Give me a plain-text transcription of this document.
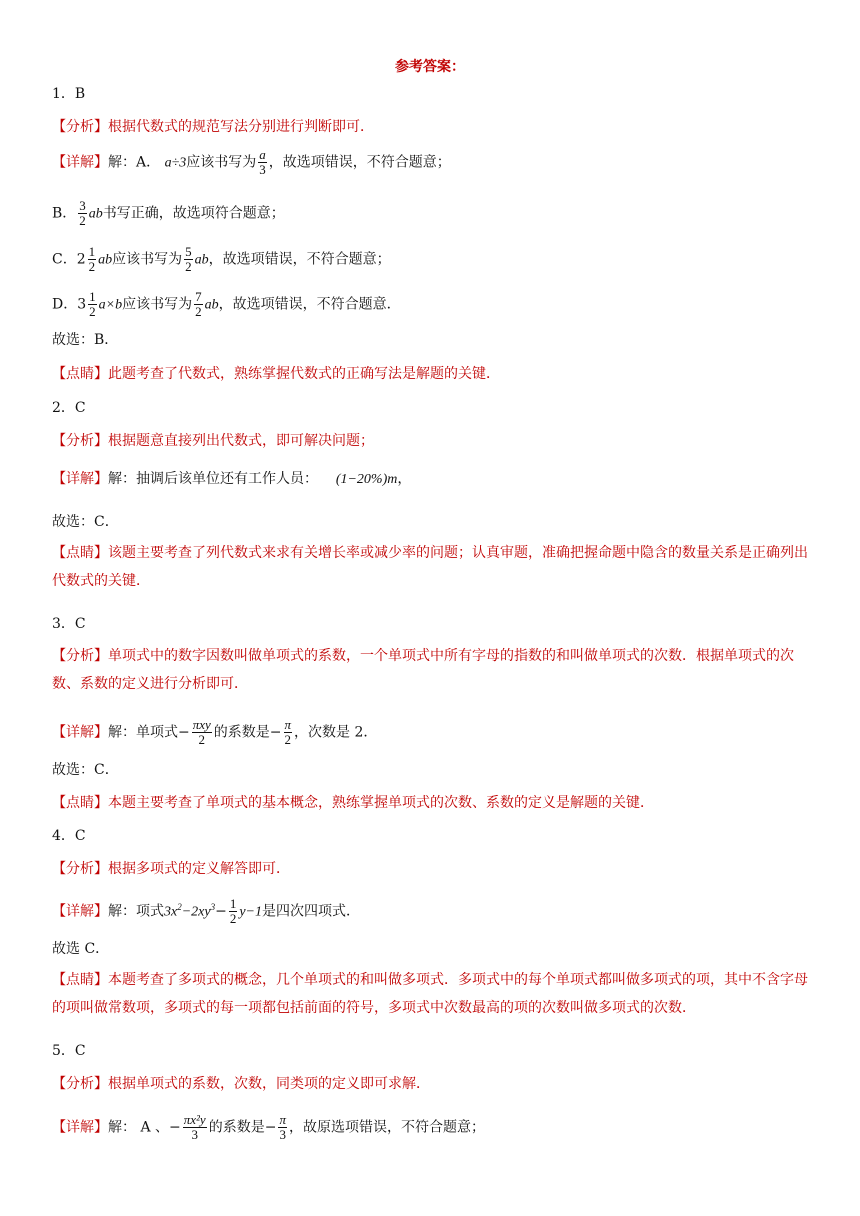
参考答案：
1．B
【分析】根据代数式的规范写法分别进行判断即可．
【详解】解：A． a÷3应该书写为 $\frac{a}{3}$ ，故选项错误，不符合题意；
B． $\frac{3}{2}$ ab书写正确，故选项符合题意；
C．$2 \frac{1}{2}$ ab应该书写为 $\frac{5}{2}$ ab，故选项错误，不符合题意；
D．$3 \frac{1}{2} a\times b$应该书写为 $\frac{7}{2}$ ab，故选项错误，不符合题意．
故选：B．
【点睛】此题考查了代数式，熟练掌握代数式的正确写法是解题的关键．
2．C
【分析】根据题意直接列出代数式，即可解决问题；
【详解】解：抽调后该单位还有工作人员： (1−20%)m，
故选：C．
【点睛】该题主要考查了列代数式来求有关增长率或减少率的问题；认真审题，准确把握命题中隐含的数量关系是正确列出代数式的关键．
3．C
【分析】单项式中的数字因数叫做单项式的系数，一个单项式中所有字母的指数的和叫做单项式的次数．根据单项式的次数、系数的定义进行分析即可．
【详解】解：单项式− $\frac{\text{πxy}}{2}$ 的系数是− $\frac{\pi}{2}$ ，次数是 2．
故选：C．
【点睛】本题主要考查了单项式的基本概念，熟练掌握单项式的次数、系数的定义是解题的关键．
4．C
【分析】根据多项式的定义解答即可．
【详解】解：项式$3x^2-2xy^3- \frac{1}{2} y-1$是四次四项式．
故选 C．
【点睛】本题考查了多项式的概念，几个单项式的和叫做多项式．多项式中的每个单项式都叫做多项式的项，其中不含字母的项叫做常数项，多项式的每一项都包括前面的符号，多项式中次数最高的项的次数叫做多项式的次数．
5．C
【分析】根据单项式的系数，次数，同类项的定义即可求解．
【详解】解： A 、− $\frac{\text{πx²y}}{3}$ 的系数是− $\frac{\pi}{3}$ ，故原选项错误，不符合题意；
